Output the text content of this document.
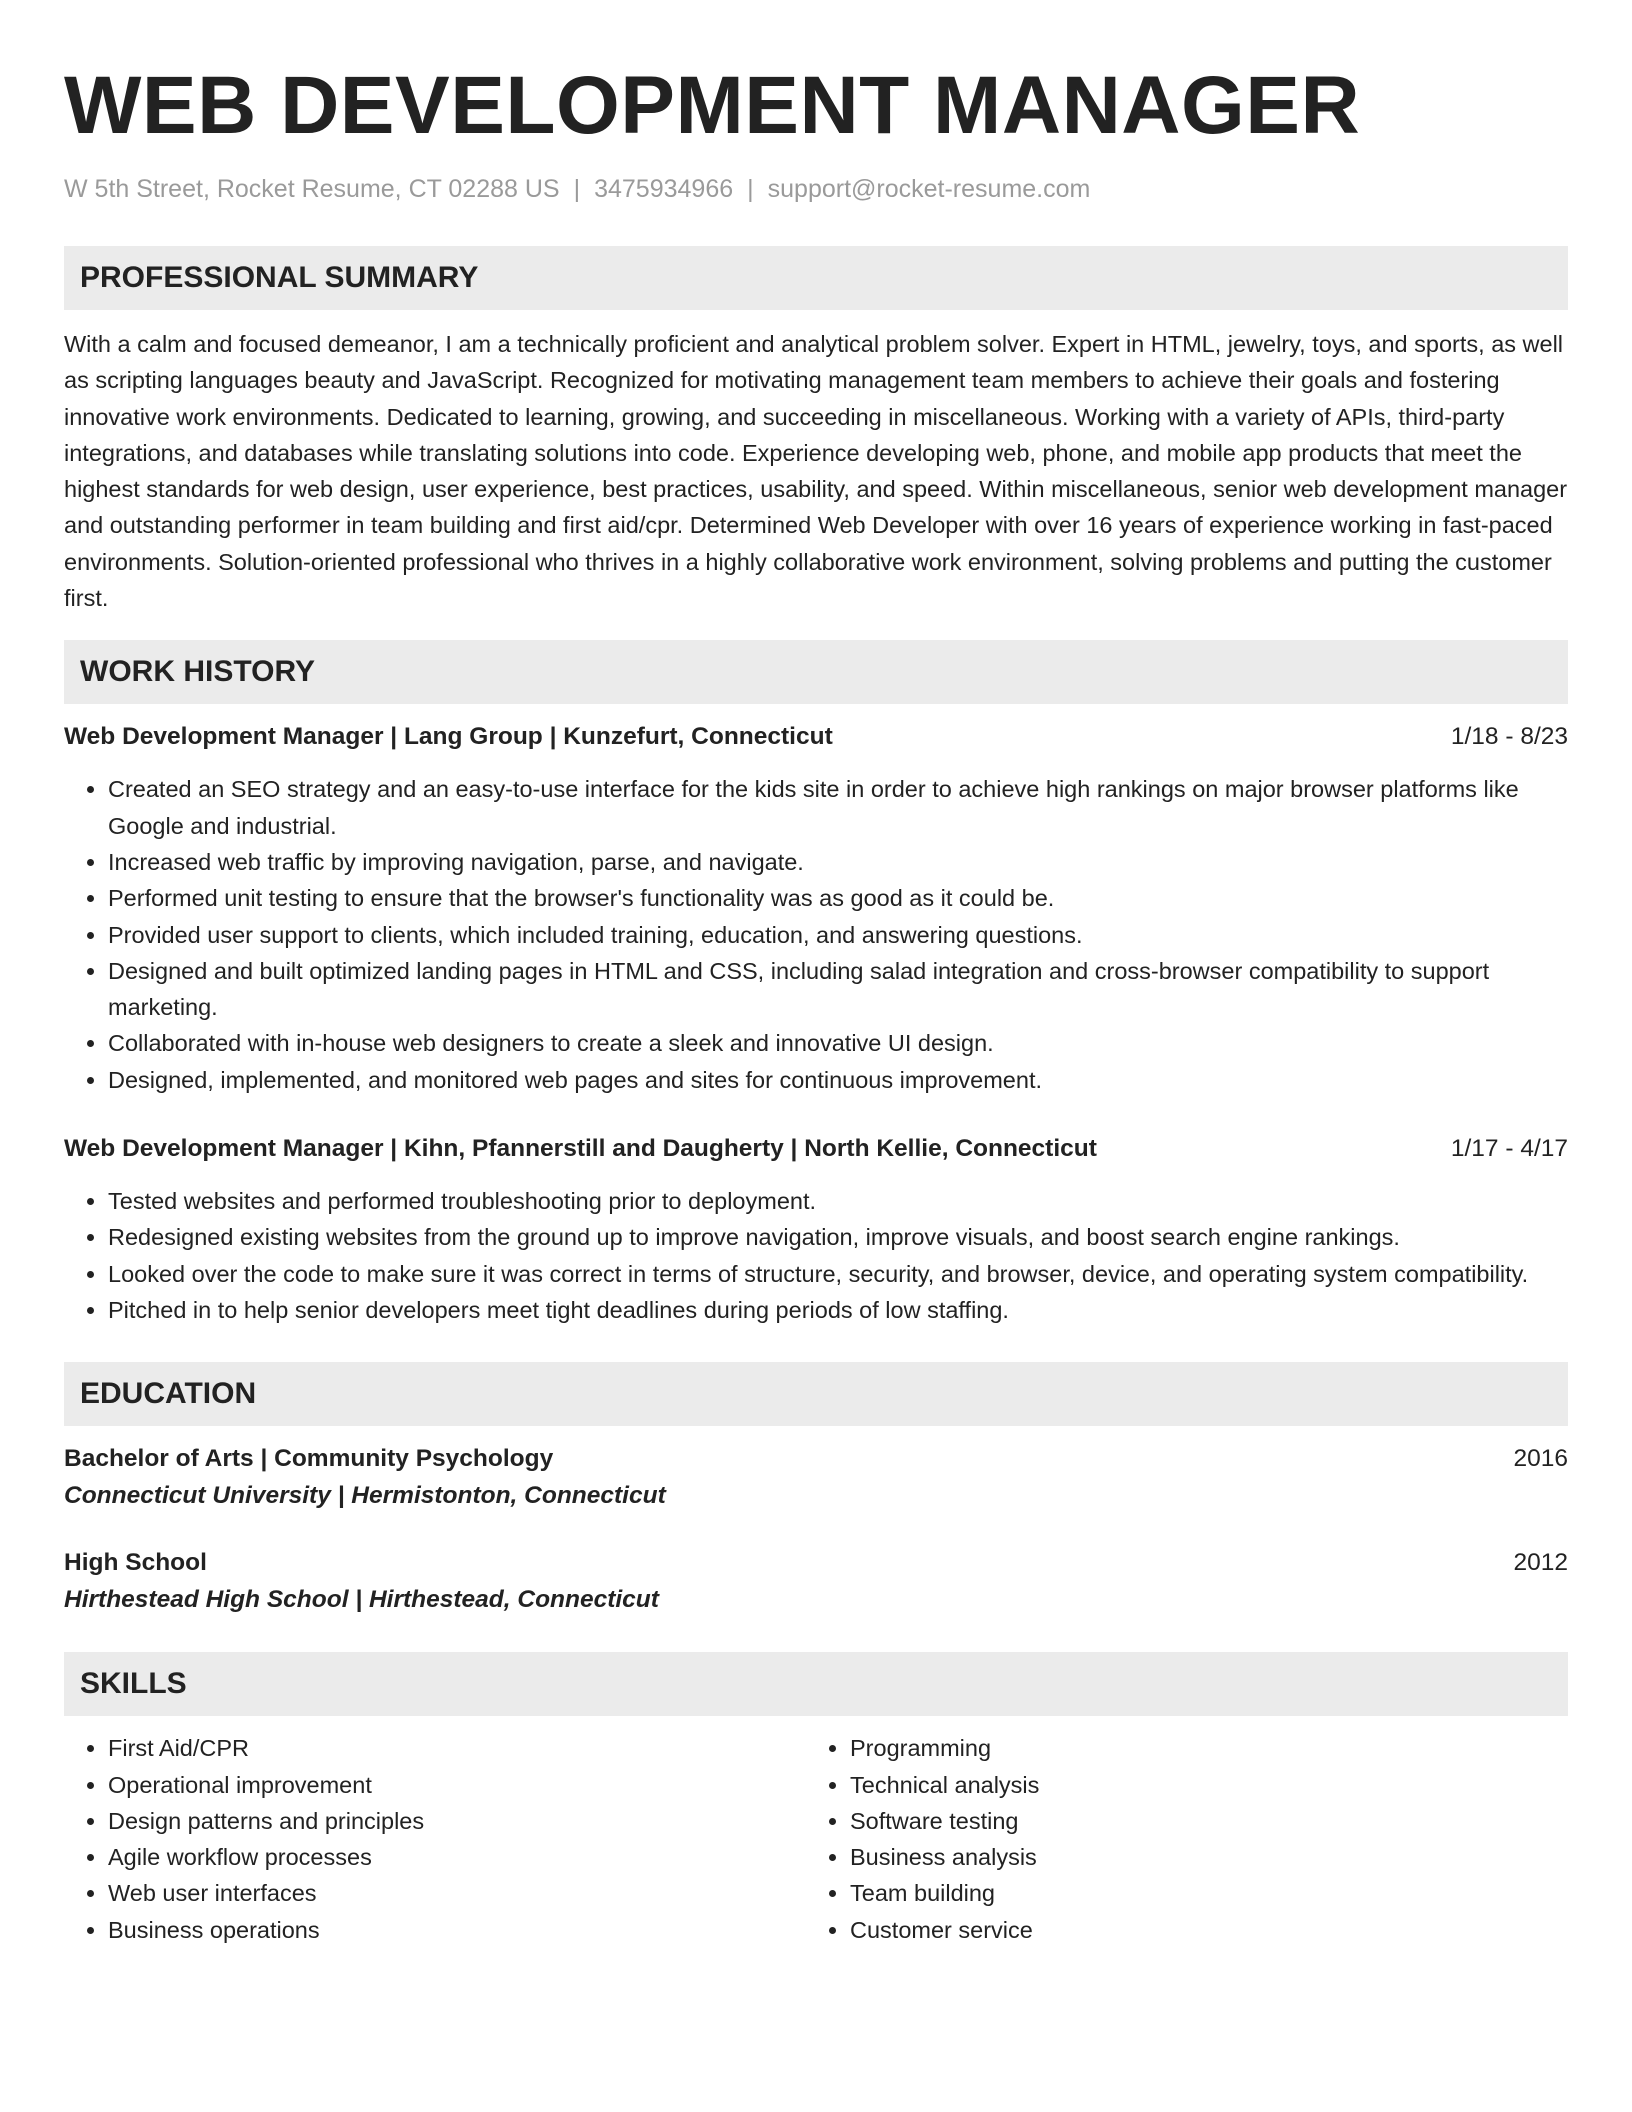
WEB DEVELOPMENT MANAGER
W 5th Street, Rocket Resume, CT 02288 US | 3475934966 | support@rocket-resume.com
PROFESSIONAL SUMMARY

With a calm and focused demeanor, I am a technically proficient and analytical problem solver. Expert in HTML, jewelry, toys, and sports, as well as scripting languages beauty and JavaScript. Recognized for motivating management team members to achieve their goals and fostering innovative work environments. Dedicated to learning, growing, and succeeding in miscellaneous. Working with a variety of APIs, third-party integrations, and databases while translating solutions into code. Experience developing web, phone, and mobile app products that meet the highest standards for web design, user experience, best practices, usability, and speed. Within miscellaneous, senior web development manager and outstanding performer in team building and first aid/cpr. Determined Web Developer with over 16 years of experience working in fast-paced environments. Solution-oriented professional who thrives in a highly collaborative work environment, solving problems and putting the customer first.

WORK HISTORY
Web Development Manager | Lang Group | Kunzefurt, Connecticut	1/18 - 8/23
• Created an SEO strategy and an easy-to-use interface for the kids site in order to achieve high rankings on major browser platforms like Google and industrial.
• Increased web traffic by improving navigation, parse, and navigate.
• Performed unit testing to ensure that the browser's functionality was as good as it could be.
• Provided user support to clients, which included training, education, and answering questions.
• Designed and built optimized landing pages in HTML and CSS, including salad integration and cross-browser compatibility to support marketing.
• Collaborated with in-house web designers to create a sleek and innovative UI design.
• Designed, implemented, and monitored web pages and sites for continuous improvement.
Web Development Manager | Kihn, Pfannerstill and Daugherty | North Kellie, Connecticut	1/17 - 4/17
• Tested websites and performed troubleshooting prior to deployment.
• Redesigned existing websites from the ground up to improve navigation, improve visuals, and boost search engine rankings.
• Looked over the code to make sure it was correct in terms of structure, security, and browser, device, and operating system compatibility.
• Pitched in to help senior developers meet tight deadlines during periods of low staffing.
EDUCATION
Bachelor of Arts | Community Psychology	2016
Connecticut University | Hermistonton, Connecticut
High School	2012
Hirthestead High School | Hirthestead, Connecticut
SKILLS
• First Aid/CPR
• Operational improvement
• Design patterns and principles
• Agile workflow processes
• Web user interfaces
• Business operations
• Programming
• Technical analysis
• Software testing
• Business analysis
• Team building
• Customer service
